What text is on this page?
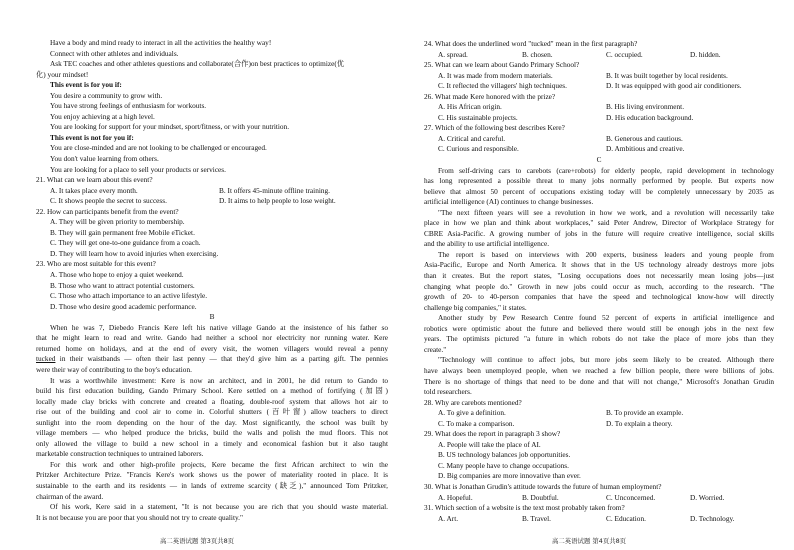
Have a body and mind ready to interact in all the activities the healthy way!
Connect with other athletes and individuals.
Ask TEC coaches and other athletes questions and collaborate(合作)on best practices to optimize(优
化) your mindset!
This event is for you if:
You desire a community to grow with.
You have strong feelings of enthusiasm for workouts.
You enjoy achieving at a high level.
You are looking for support for your mindset, sport/fitness, or with your nutrition.
This event is not for you if:
You are close-minded and are not looking to be challenged or encouraged.
You don't value learning from others.
You are looking for a place to sell your products or services.
21. What can we learn about this event?
A. It takes place every month.	B. It offers 45-minute offline training.
C. It shows people the secret to success.	D. It aims to help people to lose weight.
22. How can participants benefit from the event?
A. They will be given priority to membership.
B. They will gain permanent free Mobile eTicket.
C. They will get one-to-one guidance from a coach.
D. They will learn how to avoid injuries when exercising.
23. Who are most suitable for this event?
A. Those who hope to enjoy a quiet weekend.
B. Those who want to attract potential customers.
C. Those who attach importance to an active lifestyle.
D. Those who desire good academic performance.
B
When he was 7, Diebedo Francis Kere left his native village Gando at the insistence of his father so
that he might learn to read and write. Gando had neither a school nor electricity nor running water. Kere
returned home on holidays, and at the end of every visit, the women villagers would reveal a penny
tucked in their waistbands — often their last penny — that they'd give him as a parting gift. The pennies
were their way of contributing to the boy's education.
It was a worthwhile investment: Kere is now an architect, and in 2001, he did return to Gando to
build his first education building, Gando Primary School. Kere settled on a method of fortifying (加固)
locally made clay bricks with concrete and created a floating, double-roof system that allows hot air to
rise out of the building and cool air to come in. Colorful shutters (百叶窗) allow teachers to direct
sunlight into the room depending on the hour of the day. Most significantly, the school was built by
village members — who helped produce the bricks, build the walls and polish the mud floors. This not
only allowed the village to build a new school in a timely and economical fashion but it also taught
marketable construction techniques to untrained laborers.
For this work and other high-profile projects, Kere became the first African architect to win the
Pritzker Architecture Prize. "Francis Kere's work shows us the power of materiality rooted in place. It is
sustainable to the earth and its residents — in lands of extreme scarcity (缺乏)," announced Tom Pritzker,
chairman of the award.
Of his work, Kere said in a statement, "It is not because you are rich that you should waste material.
It is not because you are poor that you should not try to create quality."
高二英语试题 第3页共8页
24. What does the underlined word "tucked" mean in the first paragraph?
A. spread.	B. chosen.	C. occupied.	D. hidden.
25. What can we learn about Gando Primary School?
A. It was made from modern materials.	B. It was built together by local residents.
C. It reflected the villagers' high techniques.	D. It was equipped with good air conditioners.
26. What made Kere honored with the prize?
A. His African origin.	B. His living environment.
C. His sustainable projects.	D. His education background.
27. Which of the following best describes Kere?
A. Critical and careful.	B. Generous and cautious.
C. Curious and responsible.	D. Ambitious and creative.
C
From self-driving cars to carebots (care+robots) for elderly people, rapid development in technology
has long represented a possible threat to many jobs normally performed by people. But experts now
believe that almost 50 percent of occupations existing today will be completely unnecessary by 2035 as
artificial intelligence (AI) continues to change businesses.
"The next fifteen years will see a revolution in how we work, and a revolution will necessarily take
place in how we plan and think about workplaces," said Peter Andrew, Director of Workplace Strategy for
CBRE Asia-Pacific. A growing number of jobs in the future will require creative intelligence, social skills
and the ability to use artificial intelligence.
The report is based on interviews with 200 experts, business leaders and young people from
Asia-Pacific, Europe and North America. It shows that in the US technology already destroys more jobs
than it creates. But the report states, "Losing occupations does not necessarily mean losing jobs—just
changing what people do." Growth in new jobs could occur as much, according to the research. "The
growth of 20- to 40-person companies that have the speed and technological know-how will directly
challenge big companies," it states.
Another study by Pew Research Centre found 52 percent of experts in artificial intelligence and
robotics were optimistic about the future and believed there would still be enough jobs in the next few
years. The optimists pictured "a future in which robots do not take the place of more jobs than they
create."
"Technology will continue to affect jobs, but more jobs seem likely to be created. Although there
have always been unemployed people, when we reached a few billion people, there were billions of jobs.
There is no shortage of things that need to be done and that will not change," Microsoft's Jonathan Grudin
told researchers.
28. Why are carebots mentioned?
A. To give a definition.	B. To provide an example.
C. To make a comparison.	D. To explain a theory.
29. What does the report in paragraph 3 show?
A. People will take the place of AI.
B. US technology balances job opportunities.
C. Many people have to change occupations.
D. Big companies are more innovative than ever.
30. What is Jonathan Grudin's attitude towards the future of human employment?
A. Hopeful.	B. Doubtful.	C. Unconcerned.	D. Worried.
31. Which section of a website is the text most probably taken from?
A. Art.	B. Travel.	C. Education.	D. Technology.
高二英语试题 第4页共8页
